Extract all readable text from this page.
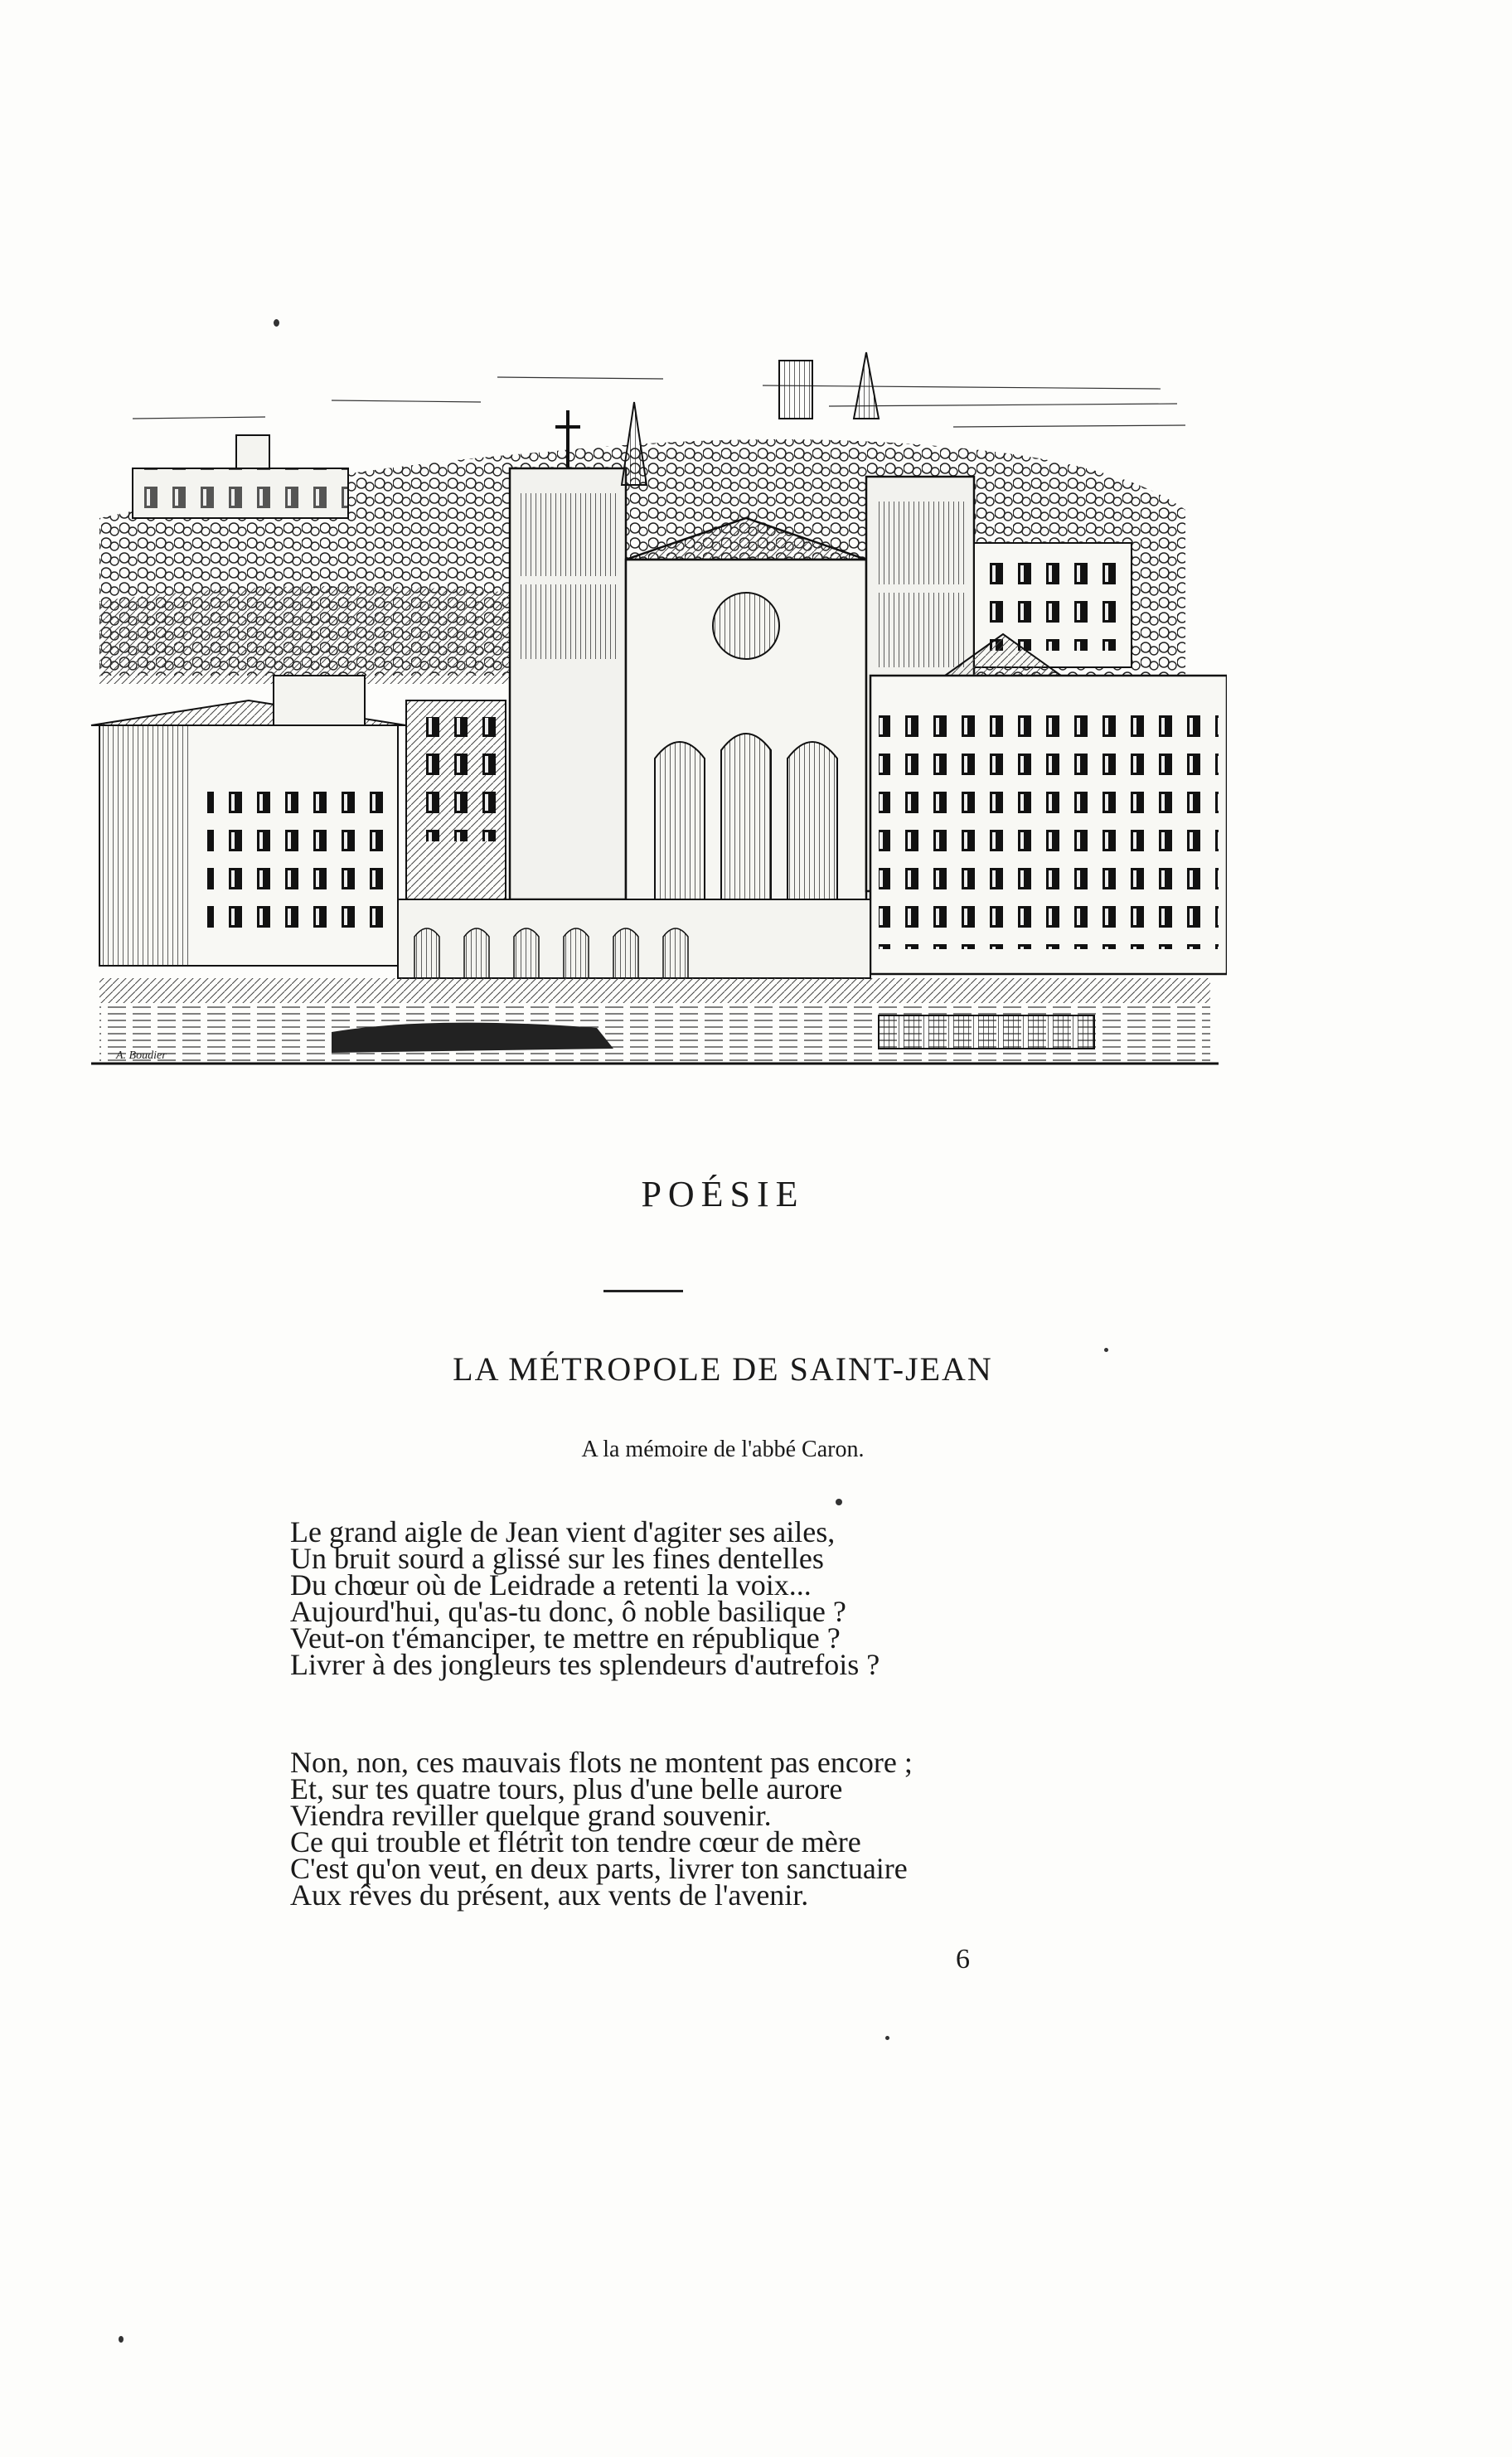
A. Boudier
POÉSIE
LA MÉTROPOLE DE SAINT-JEAN
A la mémoire de l'abbé Caron.
Le grand aigle de Jean vient d'agiter ses ailes,
Un bruit sourd a glissé sur les fines dentelles
Du chœur où de Leidrade a retenti la voix...
Aujourd'hui, qu'as-tu donc, ô noble basilique ?
Veut-on t'émanciper, te mettre en république ?
Livrer à des jongleurs tes splendeurs d'autrefois ?
Non, non, ces mauvais flots ne montent pas encore ;
Et, sur tes quatre tours, plus d'une belle aurore
Viendra reviller quelque grand souvenir.
Ce qui trouble et flétrit ton tendre cœur de mère
C'est qu'on veut, en deux parts, livrer ton sanctuaire
Aux rêves du présent, aux vents de l'avenir.
6
